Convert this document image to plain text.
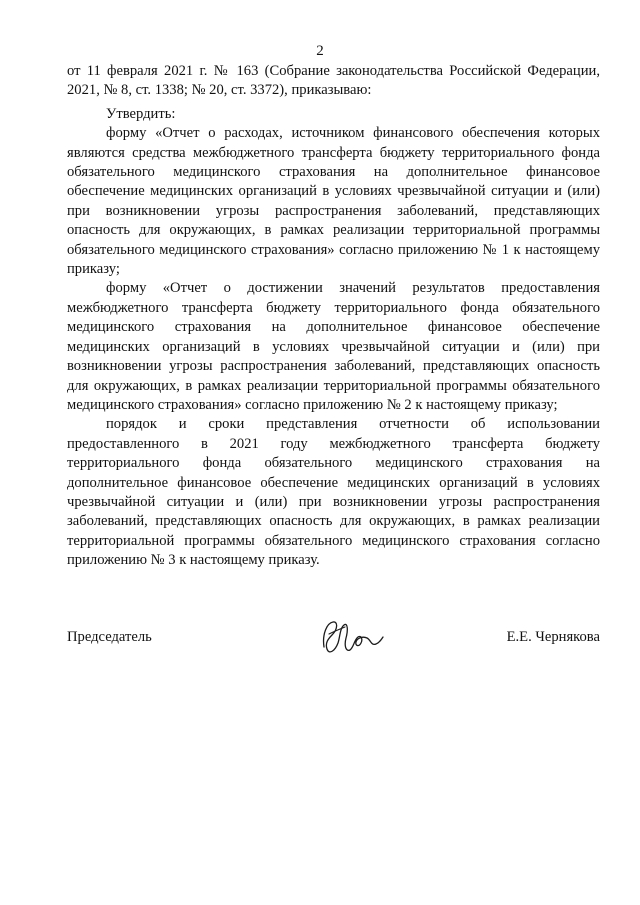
2

от 11 февраля 2021 г. № 163 (Собрание законодательства Российской Федерации, 2021, № 8, ст. 1338; № 20, ст. 3372), приказываю:

Утвердить:

форму «Отчет о расходах, источником финансового обеспечения которых являются средства межбюджетного трансферта бюджету территориального фонда обязательного медицинского страхования на дополнительное финансовое обеспечение медицинских организаций в условиях чрезвычайной ситуации и (или) при возникновении угрозы распространения заболеваний, представляющих опасность для окружающих, в рамках реализации территориальной программы обязательного медицинского страхования» согласно приложению № 1 к настоящему приказу;

форму «Отчет о достижении значений результатов предоставления межбюджетного трансферта бюджету территориального фонда обязательного медицинского страхования на дополнительное финансовое обеспечение медицинских организаций в условиях чрезвычайной ситуации и (или) при возникновении угрозы распространения заболеваний, представляющих опасность для окружающих, в рамках реализации территориальной программы обязательного медицинского страхования» согласно приложению № 2 к настоящему приказу;

порядок и сроки представления отчетности об использовании предоставленного в 2021 году межбюджетного трансферта бюджету территориального фонда обязательного медицинского страхования на дополнительное финансовое обеспечение медицинских организаций в условиях чрезвычайной ситуации и (или) при возникновении угрозы распространения заболеваний, представляющих опасность для окружающих, в рамках реализации территориальной программы обязательного медицинского страхования согласно приложению № 3 к настоящему приказу.

Председатель	Е.Е. Чернякова
